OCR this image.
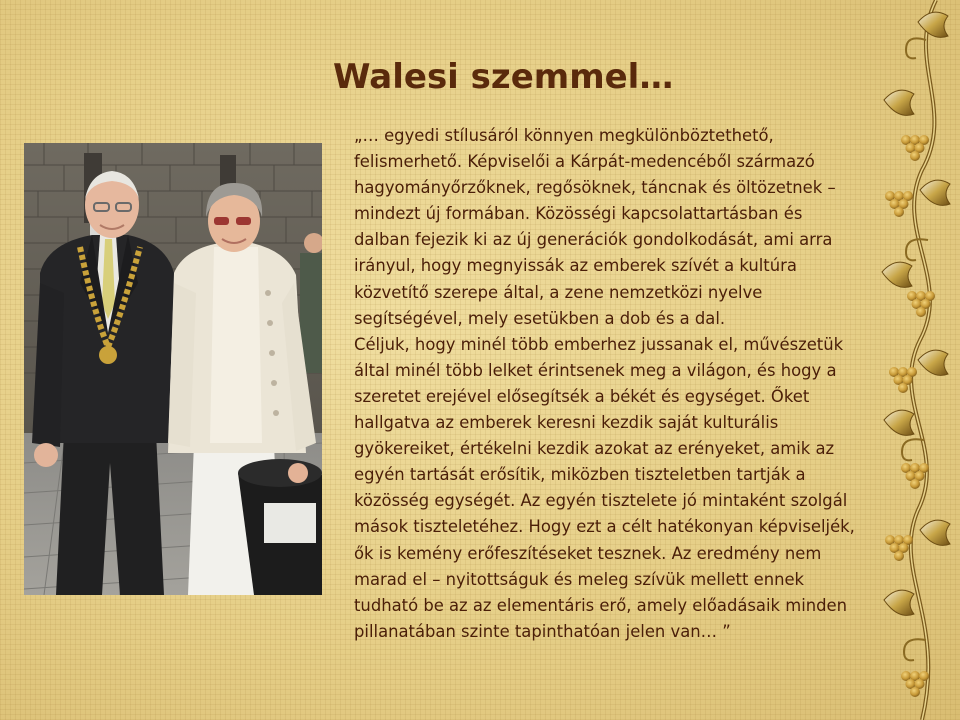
Walesi szemmel…

„… egyedi stílusáról könnyen megkülönböztethető, felismerhető. Képviselői a Kárpát-medencéből származó hagyományőrzőknek, regősöknek, táncnak és öltözetnek – mindezt új formában. Közösségi kapcsolattartásban és dalban fejezik ki az új generációk gondolkodását, ami arra irányul, hogy megnyissák az emberek szívét a kultúra közvetítő szerepe által, a zene nemzetközi nyelve segítségével, mely esetükben a dob és a dal.

Céljuk, hogy minél több emberhez jussanak el, művészetük által minél több lelket érintsenek meg a világon, és hogy a szeretet erejével elősegítsék a békét és egységet. Őket hallgatva az emberek keresni kezdik saját kulturális gyökereiket, értékelni kezdik azokat az erényeket, amik az egyén tartását erősítik, miközben tiszteletben tartják a közösség egységét. Az egyén tisztelete jó mintaként szolgál mások tiszteletéhez. Hogy ezt a célt hatékonyan képviseljék, ők is kemény erőfeszítéseket tesznek. Az eredmény nem marad el – nyitottságuk és meleg szívük mellett ennek tudható be az az elementáris erő, amely előadásaik minden pillanatában szinte tapinthatóan jelen van… ”
